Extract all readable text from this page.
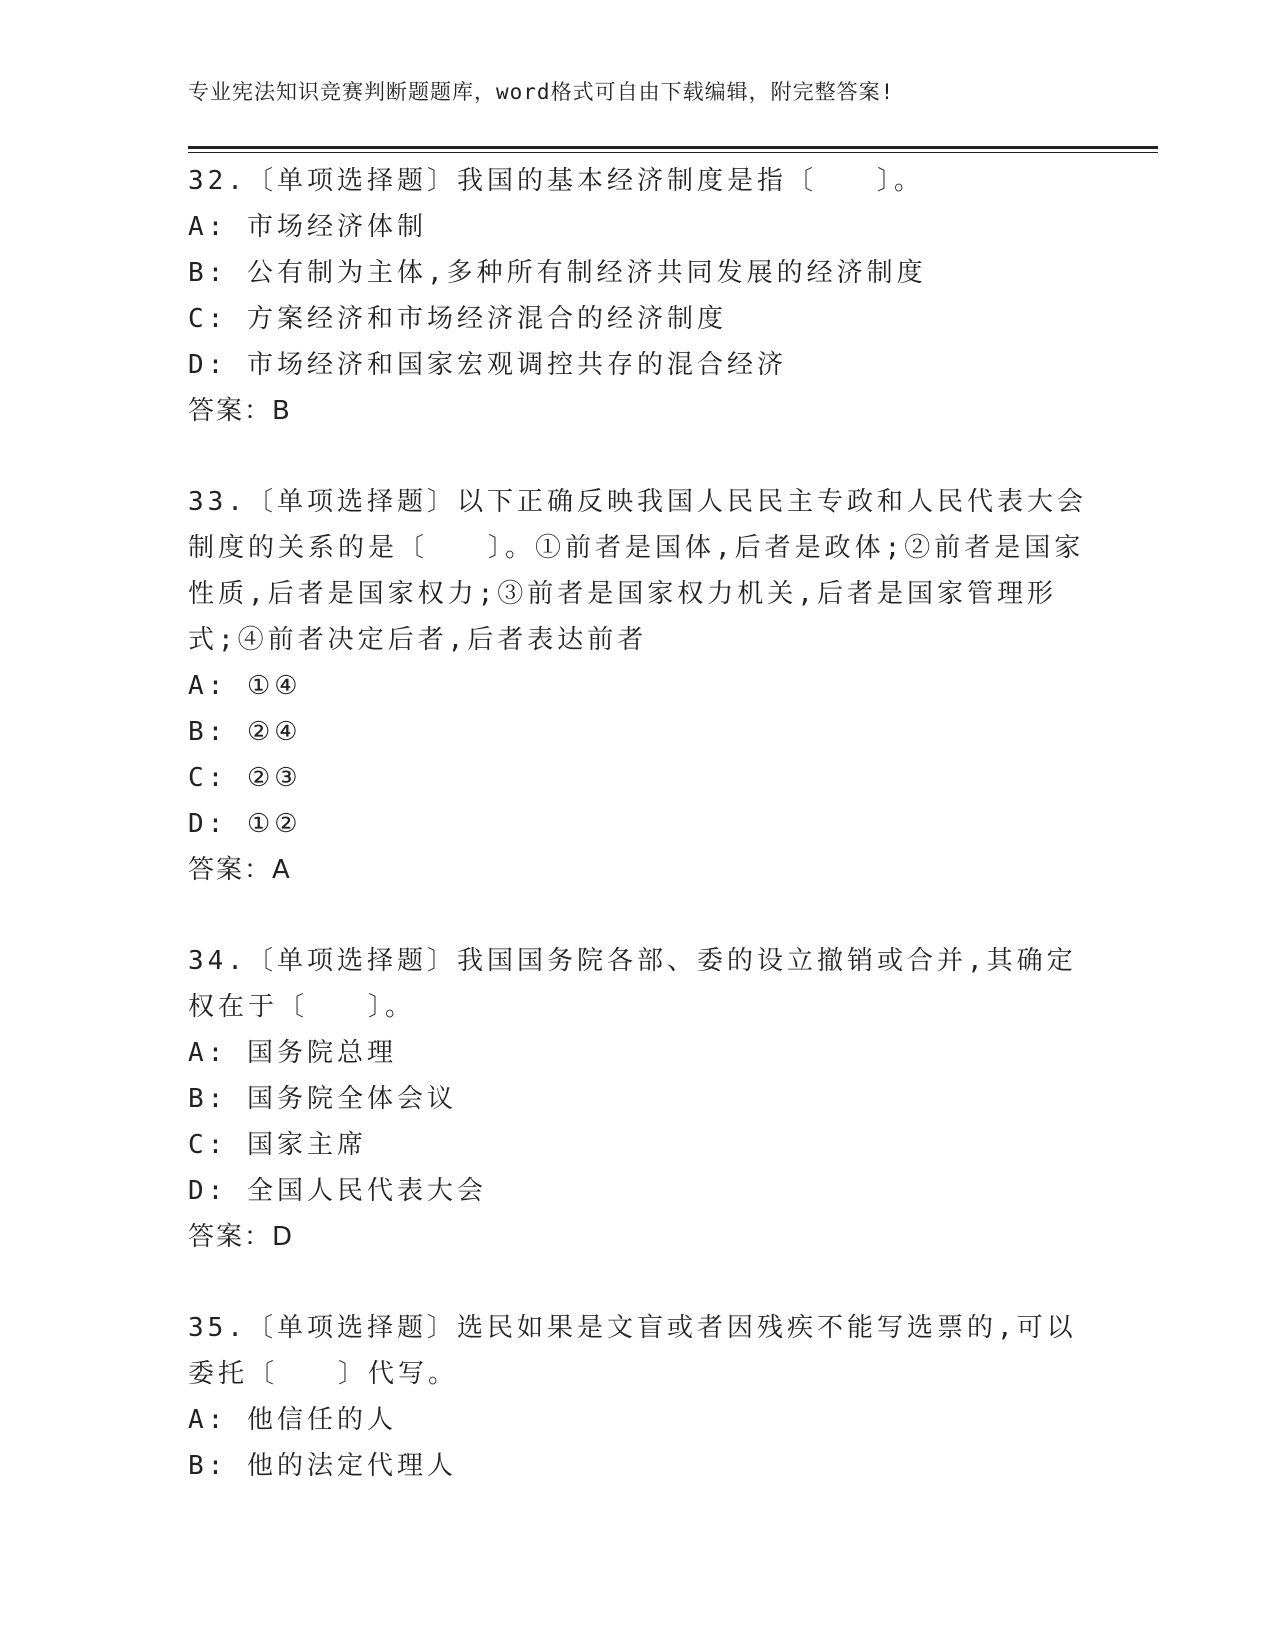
专业宪法知识竞赛判断题题库，word格式可自由下载编辑，附完整答案!
32.〔单项选择题〕我国的基本经济制度是指〔　　〕。
A: 市场经济体制
B: 公有制为主体,多种所有制经济共同发展的经济制度
C: 方案经济和市场经济混合的经济制度
D: 市场经济和国家宏观调控共存的混合经济
答案：B
33.〔单项选择题〕以下正确反映我国人民民主专政和人民代表大会制度的关系的是〔　　〕。①前者是国体,后者是政体;②前者是国家性质,后者是国家权力;③前者是国家权力机关,后者是国家管理形式;④前者决定后者,后者表达前者
A: ①④
B: ②④
C: ②③
D: ①②
答案：A
34.〔单项选择题〕我国国务院各部、委的设立撤销或合并,其确定权在于〔　　〕。
A: 国务院总理
B: 国务院全体会议
C: 国家主席
D: 全国人民代表大会
答案：D
35.〔单项选择题〕选民如果是文盲或者因残疾不能写选票的,可以委托〔　　〕代写。
A: 他信任的人
B: 他的法定代理人
